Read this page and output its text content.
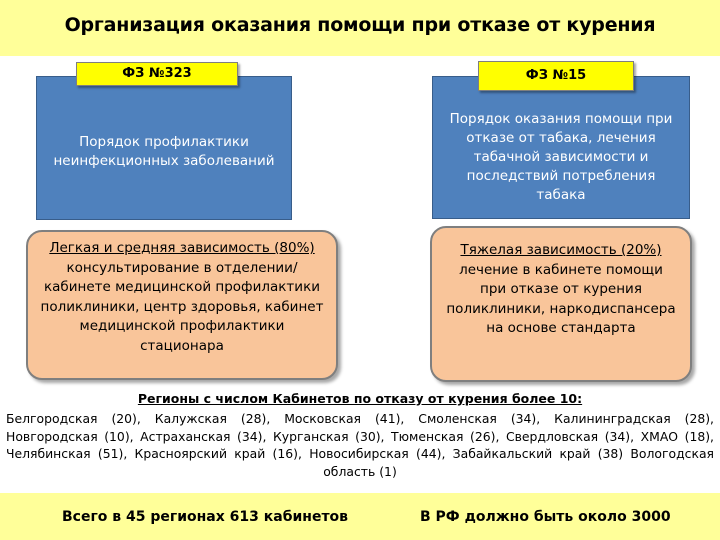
Организация оказания помощи при отказе от курения
Порядок профилактики неинфекционных заболеваний
ФЗ №323
Легкая и средняя зависимость (80%)
консультирование в отделении/кабинете медицинской профилактики поликлиники, центр здоровья, кабинет медицинской профилактики стационара
Порядок оказания помощи при отказе от табака, лечения табачной зависимости и последствий потребления табака
ФЗ №15
Тяжелая зависимость (20%)
лечение в кабинете помощи при отказе от курения поликлиники, наркодиспансера на основе стандарта
Регионы с числом Кабинетов по отказу от курения более 10:
Белгородская (20), Калужская (28), Московская (41), Смоленская (34), Калининградская (28), Новгородская (10), Астраханская (34), Курганская (30), Тюменская (26), Свердловская (34), ХМАО (18), Челябинская (51), Красноярский край (16), Новосибирская (44), Забайкальский край (38) Вологодская область (1)
Всего в 45 регионах 613 кабинетов	В РФ должно быть около 3000
